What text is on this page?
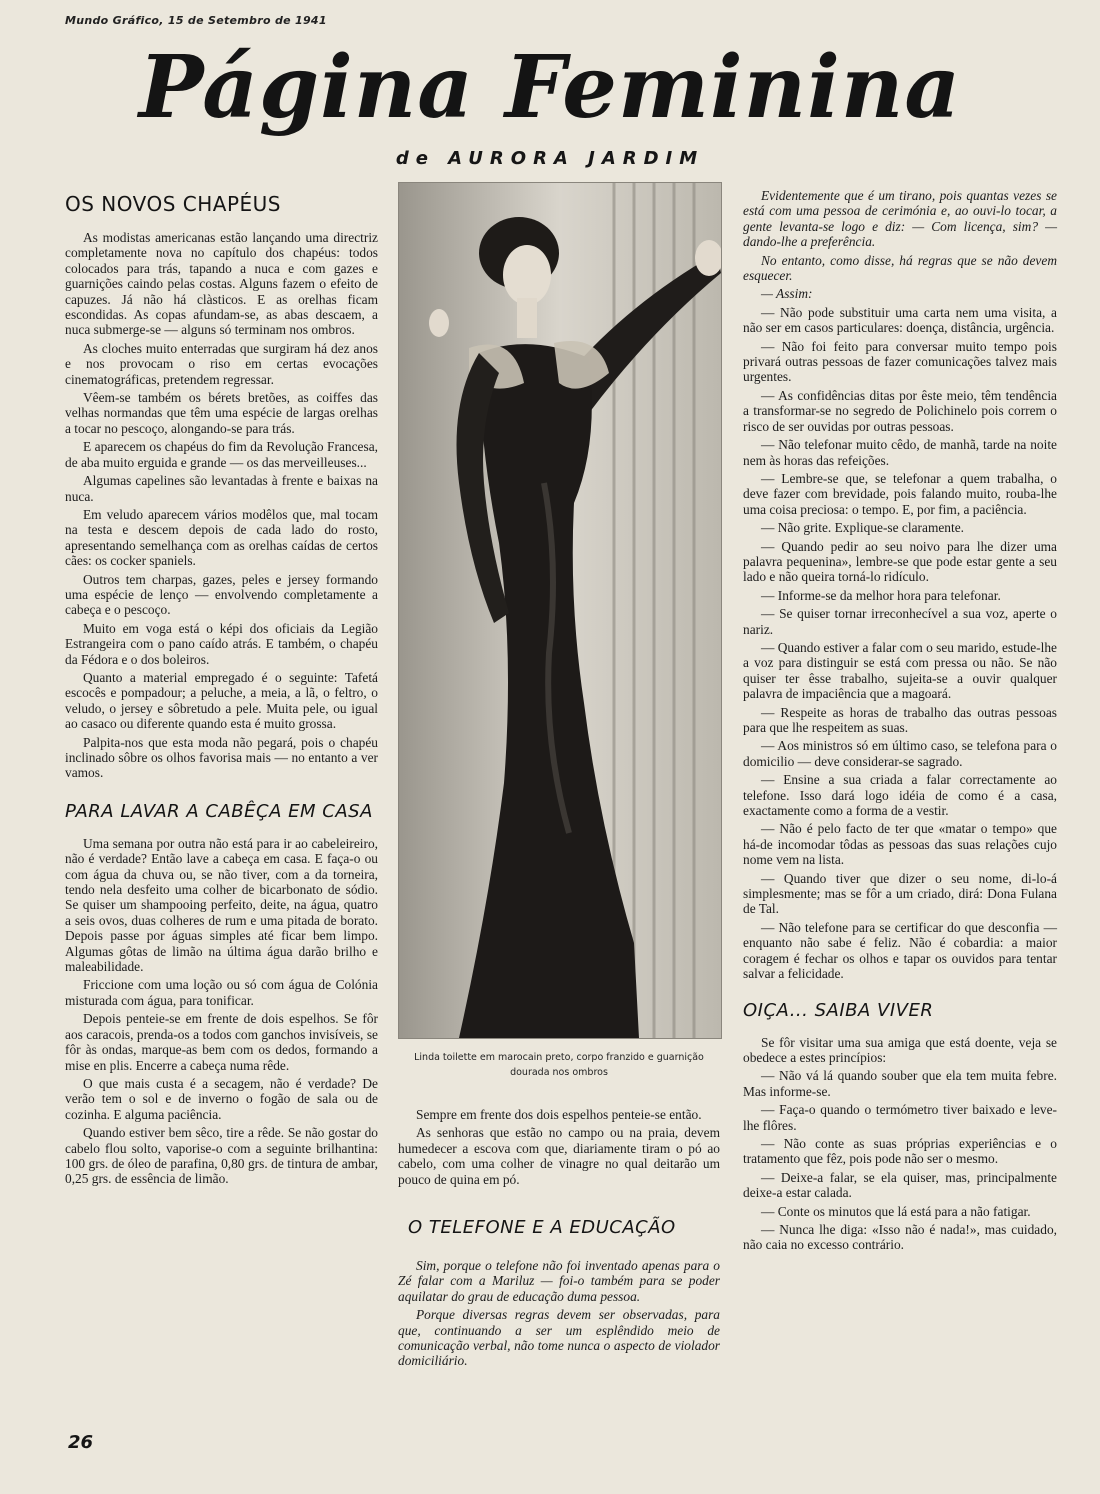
Mundo Gráfico, 15 de Setembro de 1941
Página Feminina
de AURORA JARDIM
OS NOVOS CHAPÉUS

As modistas americanas estão lançando uma directriz completamente nova no capítulo dos chapéus: todos colocados para trás, tapando a nuca e com gazes e guarnições caindo pelas costas. Alguns fazem o efeito de capuzes. Já não há clàsticos. E as orelhas ficam escondidas. As copas afundam-se, as abas descaem, a nuca submerge-se — alguns só terminam nos ombros.

As cloches muito enterradas que surgiram há dez anos e nos provocam o riso em certas evocações cinematográficas, pretendem regressar.

Vêem-se também os bérets bretões, as coiffes das velhas normandas que têm uma espécie de largas orelhas a tocar no pescoço, alongando-se para trás.

E aparecem os chapéus do fim da Revolução Francesa, de aba muito erguida e grande — os das merveilleuses...

Algumas capelines são levantadas à frente e baixas na nuca.

Em veludo aparecem vários modêlos que, mal tocam na testa e descem depois de cada lado do rosto, apresentando semelhança com as orelhas caídas de certos cães: os cocker spaniels.

Outros tem charpas, gazes, peles e jersey formando uma espécie de lenço — envolvendo completamente a cabeça e o pescoço.

Muito em voga está o képi dos oficiais da Legião Estrangeira com o pano caído atrás. E também, o chapéu da Fédora e o dos boleiros.

Quanto a material empregado é o seguinte: Tafetá escocês e pompadour; a peluche, a meia, a lã, o feltro, o veludo, o jersey e sôbretudo a pele. Muita pele, ou igual ao casaco ou diferente quando esta é muito grossa.

Palpita-nos que esta moda não pegará, pois o chapéu inclinado sôbre os olhos favorisa mais — no entanto a ver vamos.

PARA LAVAR A CABÊÇA EM CASA

Uma semana por outra não está para ir ao cabeleireiro, não é verdade? Então lave a cabeça em casa. E faça-o ou com água da chuva ou, se não tiver, com a da torneira, tendo nela desfeito uma colher de bicarbonato de sódio. Se quiser um shampooing perfeito, deite, na água, quatro a seis ovos, duas colheres de rum e uma pitada de borato. Depois passe por águas simples até ficar bem limpo. Algumas gôtas de limão na última água darão brilho e maleabilidade.

Friccione com uma loção ou só com água de Colónia misturada com água, para tonificar.

Depois penteie-se em frente de dois espelhos. Se fôr aos caracois, prenda-os a todos com ganchos invisíveis, se fôr às ondas, marque-as bem com os dedos, formando a mise en plis. Encerre a cabeça numa rêde.

O que mais custa é a secagem, não é verdade? De verão tem o sol e de inverno o fogão de sala ou de cozinha. E alguma paciência.

Quando estiver bem sêco, tire a rêde. Se não gostar do cabelo flou solto, vaporise-o com a seguinte brilhantina: 100 grs. de óleo de parafina, 0,80 grs. de tintura de ambar, 0,25 grs. de essência de limão.

Linda toilette em marocain preto, corpo franzido e guarnição dourada nos ombros

Sempre em frente dos dois espelhos penteie-se então.

As senhoras que estão no campo ou na praia, devem humedecer a escova com que, diariamente tiram o pó ao cabelo, com uma colher de vinagre no qual deitarão um pouco de quina em pó.

O TELEFONE E A EDUCAÇÃO

Sim, porque o telefone não foi inventado apenas para o Zé falar com a Mariluz — foi-o também para se poder aquilatar do grau de educação duma pessoa.

Porque diversas regras devem ser observadas, para que, continuando a ser um esplêndido meio de comunicação verbal, não tome nunca o aspecto de violador domiciliário.

Evidentemente que é um tirano, pois quantas vezes se está com uma pessoa de cerimónia e, ao ouvi-lo tocar, a gente levanta-se logo e diz: — Com licença, sim? — dando-lhe a preferência.

No entanto, como disse, há regras que se não devem esquecer.

— Assim:

— Não pode substituir uma carta nem uma visita, a não ser em casos particulares: doença, distância, urgência.

— Não foi feito para conversar muito tempo pois privará outras pessoas de fazer comunicações talvez mais urgentes.

— As confidências ditas por êste meio, têm tendência a transformar-se no segredo de Polichinelo pois correm o risco de ser ouvidas por outras pessoas.

— Não telefonar muito cêdo, de manhã, tarde na noite nem às horas das refeições.

— Lembre-se que, se telefonar a quem trabalha, o deve fazer com brevidade, pois falando muito, rouba-lhe uma coisa preciosa: o tempo. E, por fim, a paciência.

— Não grite. Explique-se claramente.

— Quando pedir ao seu noivo para lhe dizer uma palavra pequenina», lembre-se que pode estar gente a seu lado e não queira torná-lo ridículo.

— Informe-se da melhor hora para telefonar.

— Se quiser tornar irreconhecível a sua voz, aperte o nariz.

— Quando estiver a falar com o seu marido, estude-lhe a voz para distinguir se está com pressa ou não. Se não quiser ter êsse trabalho, sujeita-se a ouvir qualquer palavra de impaciência que a magoará.

— Respeite as horas de trabalho das outras pessoas para que lhe respeitem as suas.

— Aos ministros só em último caso, se telefona para o domicilio — deve considerar-se sagrado.

— Ensine a sua criada a falar correctamente ao telefone. Isso dará logo idéia de como é a casa, exactamente como a forma de a vestir.

— Não é pelo facto de ter que «matar o tempo» que há-de incomodar tôdas as pessoas das suas relações cujo nome vem na lista.

— Quando tiver que dizer o seu nome, di-lo-á simplesmente; mas se fôr a um criado, dirá: Dona Fulana de Tal.

— Não telefone para se certificar do que desconfia — enquanto não sabe é feliz. Não é cobardia: a maior coragem é fechar os olhos e tapar os ouvidos para tentar salvar a felicidade.

OIÇA... SAIBA VIVER

Se fôr visitar uma sua amiga que está doente, veja se obedece a estes princípios:

— Não vá lá quando souber que ela tem muita febre. Mas informe-se.

— Faça-o quando o termómetro tiver baixado e leve-lhe flôres.

— Não conte as suas próprias experiências e o tratamento que fêz, pois pode não ser o mesmo.

— Deixe-a falar, se ela quiser, mas, principalmente deixe-a estar calada.

— Conte os minutos que lá está para a não fatigar.

— Nunca lhe diga: «Isso não é nada!», mas cuidado, não caia no excesso contrário.

26
